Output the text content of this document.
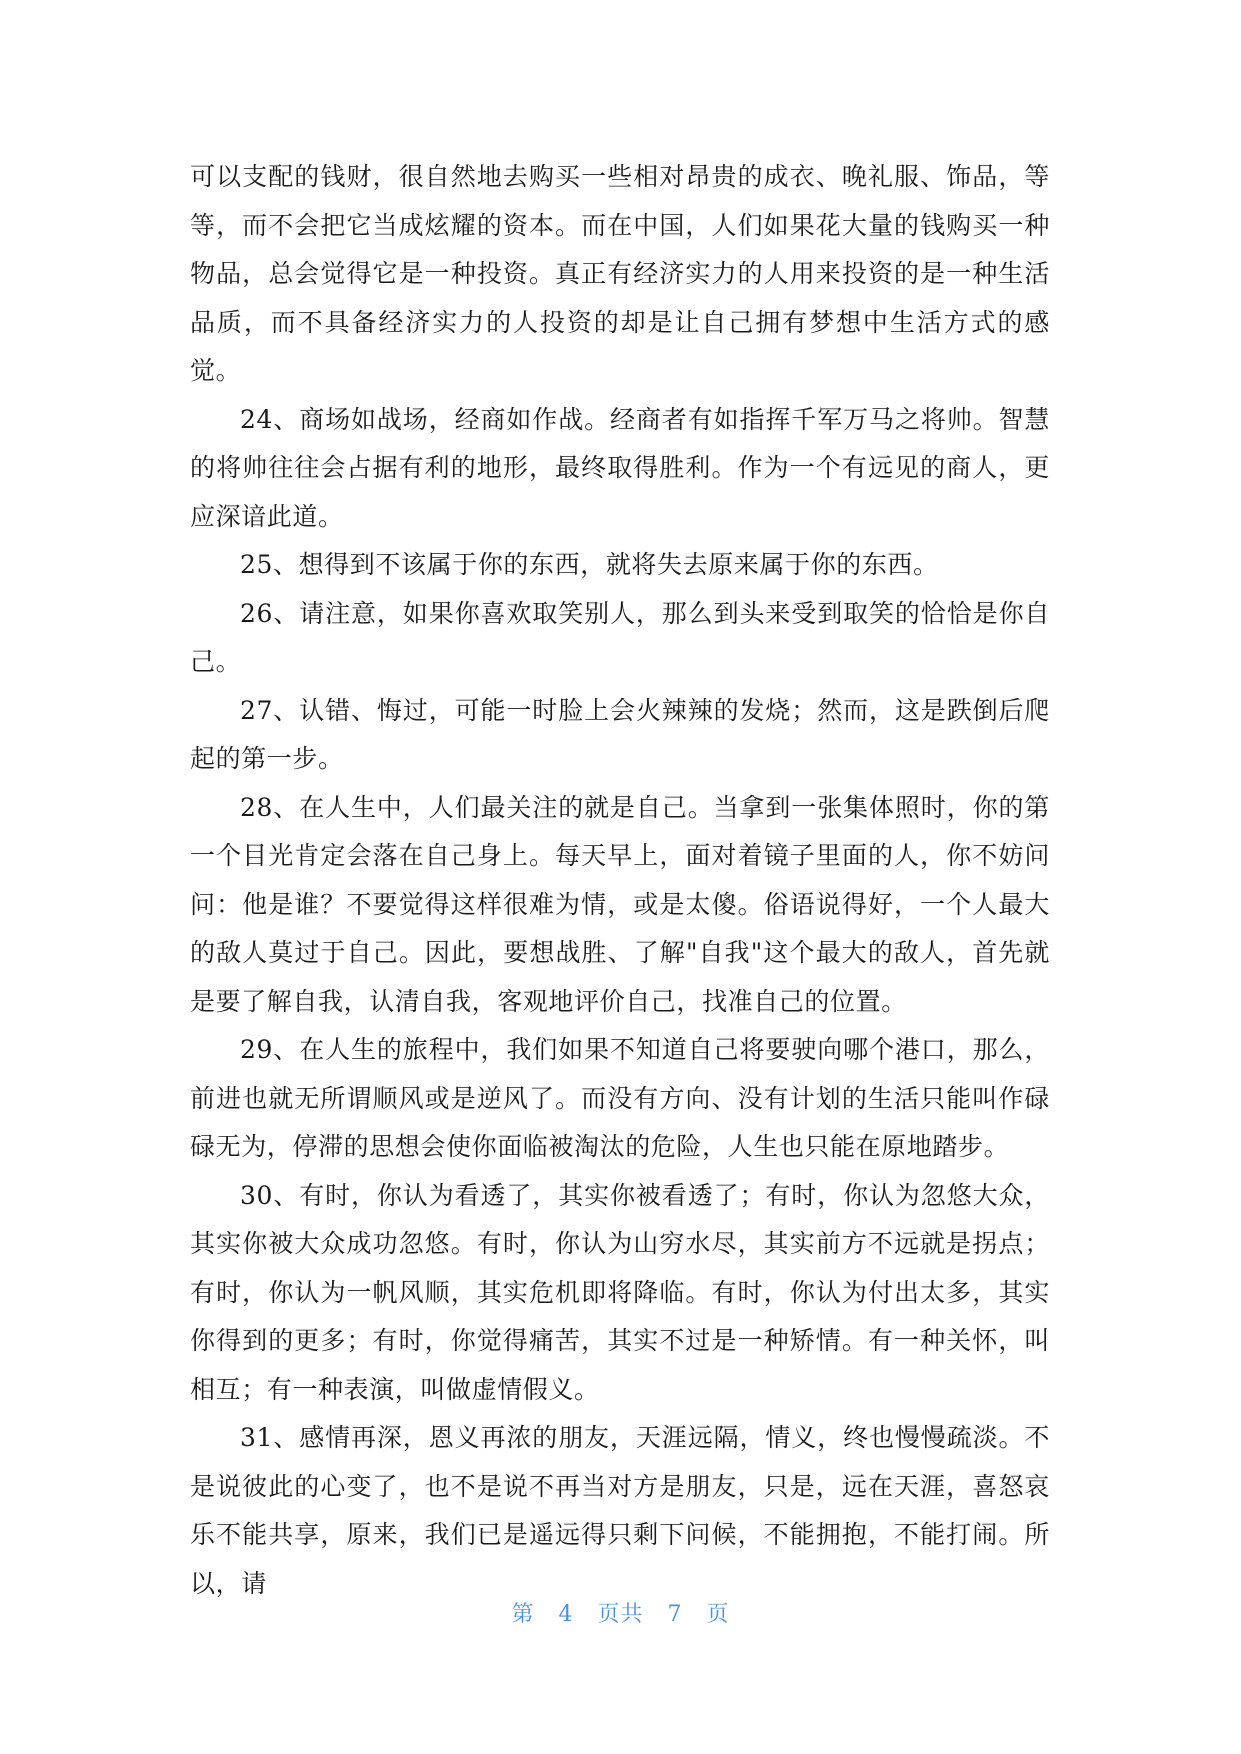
可以支配的钱财，很自然地去购买一些相对昂贵的成衣、晚礼服、饰品，等等，而不会把它当成炫耀的资本。而在中国，人们如果花大量的钱购买一种物品，总会觉得它是一种投资。真正有经济实力的人用来投资的是一种生活品质，而不具备经济实力的人投资的却是让自己拥有梦想中生活方式的感觉。

24、商场如战场，经商如作战。经商者有如指挥千军万马之将帅。智慧的将帅往往会占据有利的地形，最终取得胜利。作为一个有远见的商人，更应深谙此道。

25、想得到不该属于你的东西，就将失去原来属于你的东西。

26、请注意，如果你喜欢取笑别人，那么到头来受到取笑的恰恰是你自己。

27、认错、悔过，可能一时脸上会火辣辣的发烧；然而，这是跌倒后爬起的第一步。

28、在人生中，人们最关注的就是自己。当拿到一张集体照时，你的第一个目光肯定会落在自己身上。每天早上，面对着镜子里面的人，你不妨问问：他是谁？不要觉得这样很难为情，或是太傻。俗语说得好，一个人最大的敌人莫过于自己。因此，要想战胜、了解"自我"这个最大的敌人，首先就是要了解自我，认清自我，客观地评价自己，找准自己的位置。

29、在人生的旅程中，我们如果不知道自己将要驶向哪个港口，那么，前进也就无所谓顺风或是逆风了。而没有方向、没有计划的生活只能叫作碌碌无为，停滞的思想会使你面临被淘汰的危险，人生也只能在原地踏步。

30、有时，你认为看透了，其实你被看透了；有时，你认为忽悠大众，其实你被大众成功忽悠。有时，你认为山穷水尽，其实前方不远就是拐点；有时，你认为一帆风顺，其实危机即将降临。有时，你认为付出太多，其实你得到的更多；有时，你觉得痛苦，其实不过是一种矫情。有一种关怀，叫相互；有一种表演，叫做虚情假义。

31、感情再深，恩义再浓的朋友，天涯远隔，情义，终也慢慢疏淡。不是说彼此的心变了，也不是说不再当对方是朋友，只是，远在天涯，喜怒哀乐不能共享，原来，我们已是遥远得只剩下问候，不能拥抱，不能打闹。所以，请

第 4 页共 7 页
